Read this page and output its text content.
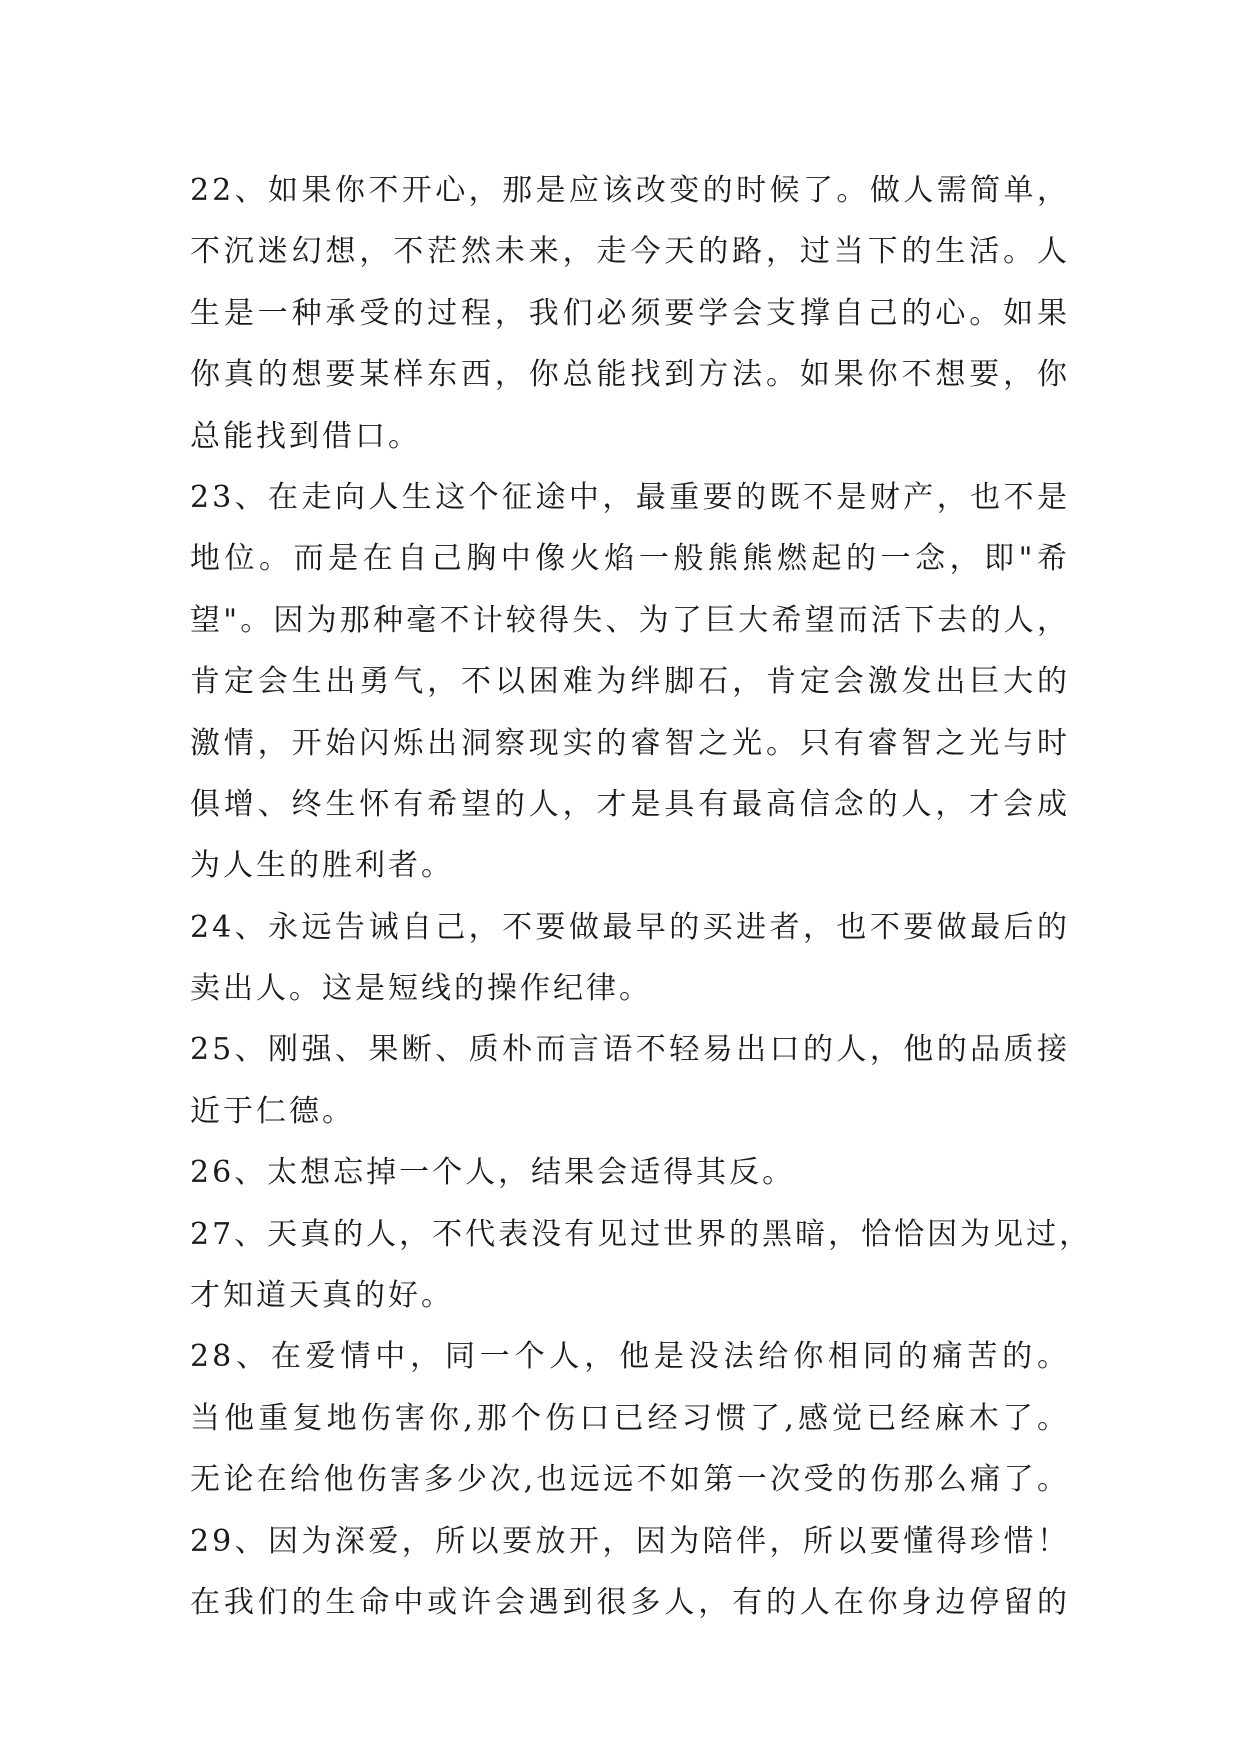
22、如果你不开心，那是应该改变的时候了。做人需简单，
不沉迷幻想，不茫然未来，走今天的路，过当下的生活。人
生是一种承受的过程，我们必须要学会支撑自己的心。如果
你真的想要某样东西，你总能找到方法。如果你不想要，你
总能找到借口。
23、在走向人生这个征途中，最重要的既不是财产，也不是
地位。而是在自己胸中像火焰一般熊熊燃起的一念，即"希
望"。因为那种毫不计较得失、为了巨大希望而活下去的人，
肯定会生出勇气，不以困难为绊脚石，肯定会激发出巨大的
激情，开始闪烁出洞察现实的睿智之光。只有睿智之光与时
俱增、终生怀有希望的人，才是具有最高信念的人，才会成
为人生的胜利者。
24、永远告诫自己，不要做最早的买进者，也不要做最后的
卖出人。这是短线的操作纪律。
25、刚强、果断、质朴而言语不轻易出口的人，他的品质接
近于仁德。
26、太想忘掉一个人，结果会适得其反。
27、天真的人，不代表没有见过世界的黑暗，恰恰因为见过，
才知道天真的好。
28、在爱情中，同一个人，他是没法给你相同的痛苦的。
当他重复地伤害你,那个伤口已经习惯了,感觉已经麻木了。
无论在给他伤害多少次,也远远不如第一次受的伤那么痛了。
29、因为深爱，所以要放开，因为陪伴，所以要懂得珍惜！
在我们的生命中或许会遇到很多人，有的人在你身边停留的
